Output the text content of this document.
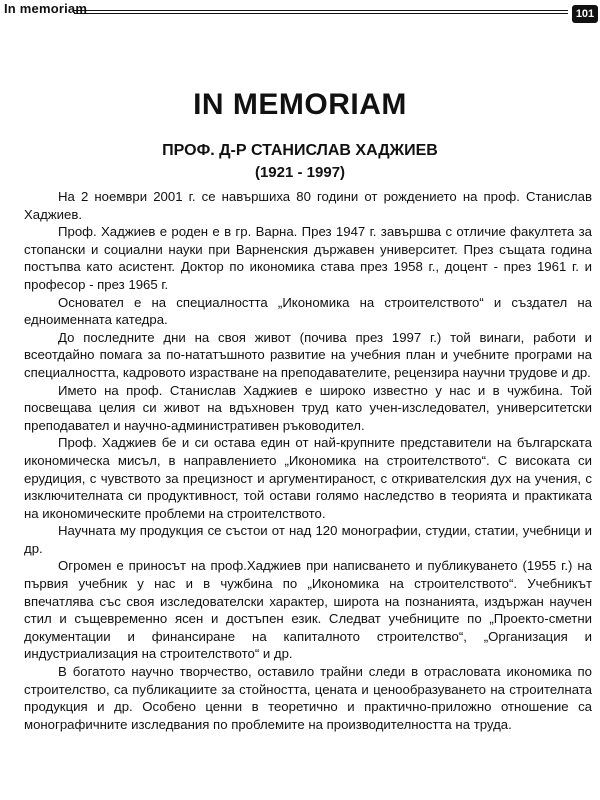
In memoriam	101
IN MEMORIAM
ПРОФ. Д-Р СТАНИСЛАВ ХАДЖИЕВ
(1921 - 1997)

На 2 ноември 2001 г. се навършиха 80 години от рождението на проф. Станислав Хаджиев.

Проф. Хаджиев е роден е в гр. Варна. През 1947 г. завършва с отличие факултета за стопански и социални науки при Варненския държавен университет. През същата година постъпва като асистент. Доктор по икономика става през 1958 г., доцент - през 1961 г. и професор - през 1965 г.

Основател е на специалността „Икономика на строителството“ и създател на едноименната катедра.

До последните дни на своя живот (почива през 1997 г.) той винаги, работи и всеотдайно помага за по-нататъшното развитие на учебния план и учебните програми на специалността, кадровото израстване на преподавателите, рецензира научни трудове и др.

Името на проф. Станислав Хаджиев е широко известно у нас и в чужбина. Той посвещава целия си живот на вдъхновен труд като учен-изследовател, университетски преподавател и научно-административен ръководител.

Проф. Хаджиев бе и си остава един от най-крупните представители на българската икономическа мисъл, в направлението „Икономика на строителството“. С високата си ерудиция, с чувството за прецизност и аргументираност, с откривателския дух на учения, с изключителната си продуктивност, той остави голямо наследство в теорията и практиката на икономическите проблеми на строителството.

Научната му продукция се състои от над 120 монографии, студии, статии, учебници и др.

Огромен е приносът на проф.Хаджиев при написването и публикуването (1955 г.) на първия учебник у нас и в чужбина по „Икономика на строителството“. Учебникът впечатлява със своя изследователски характер, широта на познанията, издържан научен стил и същевременно ясен и достъпен език. Следват учебниците по „Проекто-сметни документации и финансиране на капиталното строителство“, „Организация и индустриализация на строителството“ и др.

В богатото научно творчество, оставило трайни следи в отрасловата икономика по строителство, са публикациите за стойността, цената и ценообразуването на строителната продукция и др. Особено ценни в теоретично и практично-приложно отношение са монографичните изследвания по проблемите на производителността на труда.
